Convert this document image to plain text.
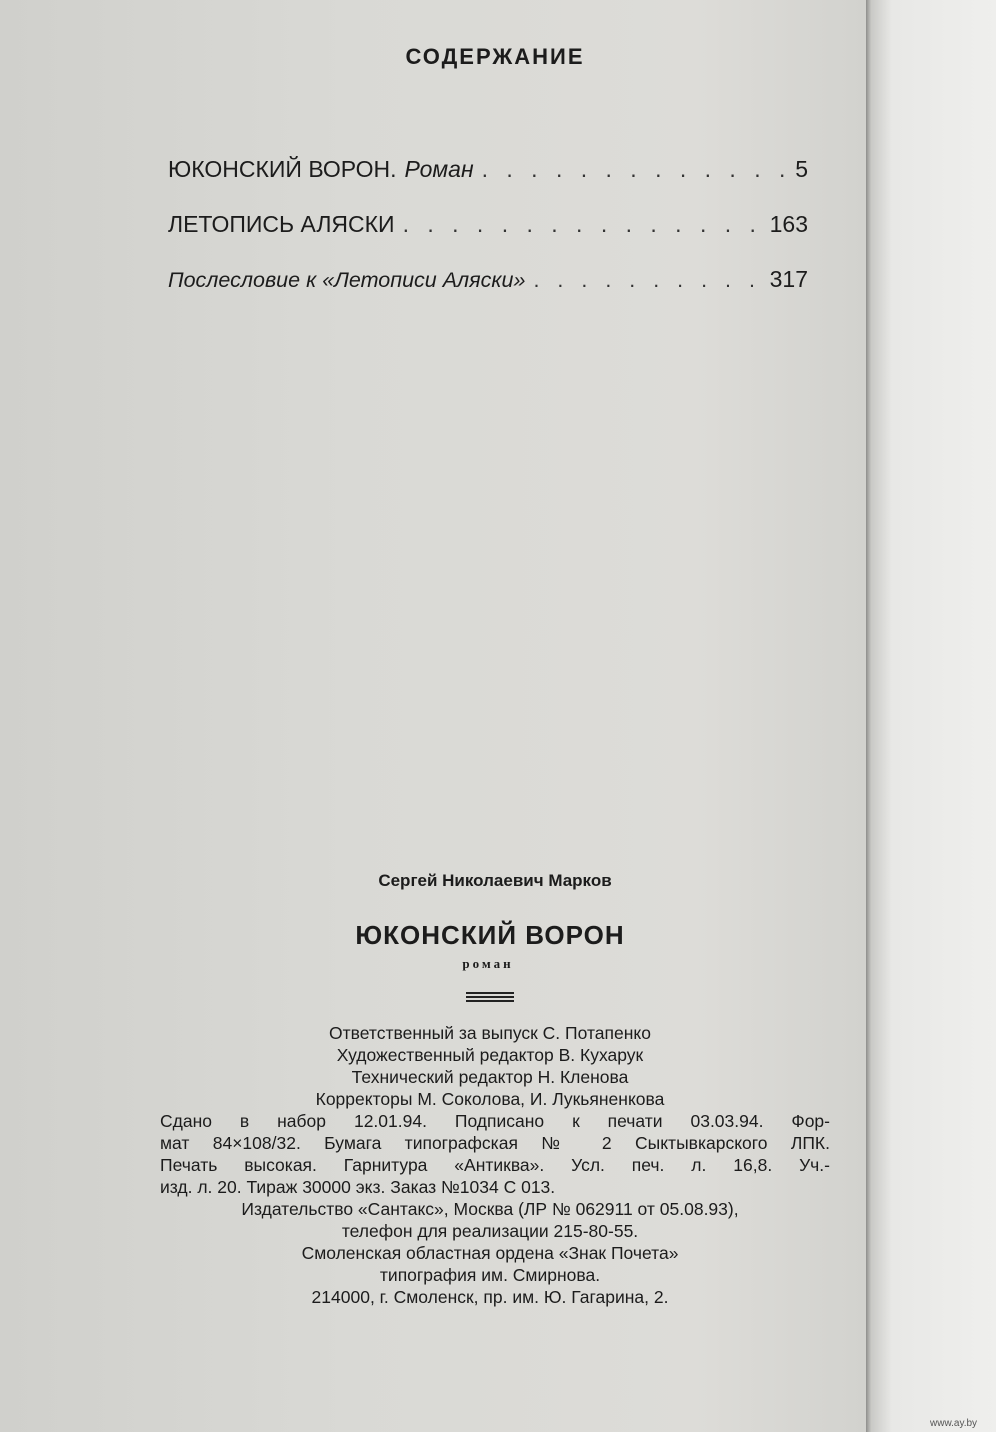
СОДЕРЖАНИЕ
ЮКОНСКИЙ ВОРОН. Роман . . .	5
ЛЕТОПИСЬ АЛЯСКИ . . .	163
Послесловие к «Летописи Аляски» . . .	317
Сергей Николаевич Марков
ЮКОНСКИЙ ВОРОН
роман
Ответственный за выпуск С. Потапенко
Художественный редактор В. Кухарук
Технический редактор Н. Кленова
Корректоры М. Соколова, И. Лукьяненкова
Сдано в набор 12.01.94. Подписано к печати 03.03.94. Фор-
мат 84×108/32. Бумага типографская № 2 Сыктывкарского ЛПК.
Печать высокая. Гарнитура «Антиква». Усл. печ. л. 16,8. Уч.-
изд. л. 20. Тираж 30000 экз. Заказ №1034 С 013.
Издательство «Сантакс», Москва (ЛР № 062911 от 05.08.93),
телефон для реализации 215-80-55.
Смоленская областная ордена «Знак Почета»
типография им. Смирнова.
214000, г. Смоленск, пр. им. Ю. Гагарина, 2.
www.ay.by
